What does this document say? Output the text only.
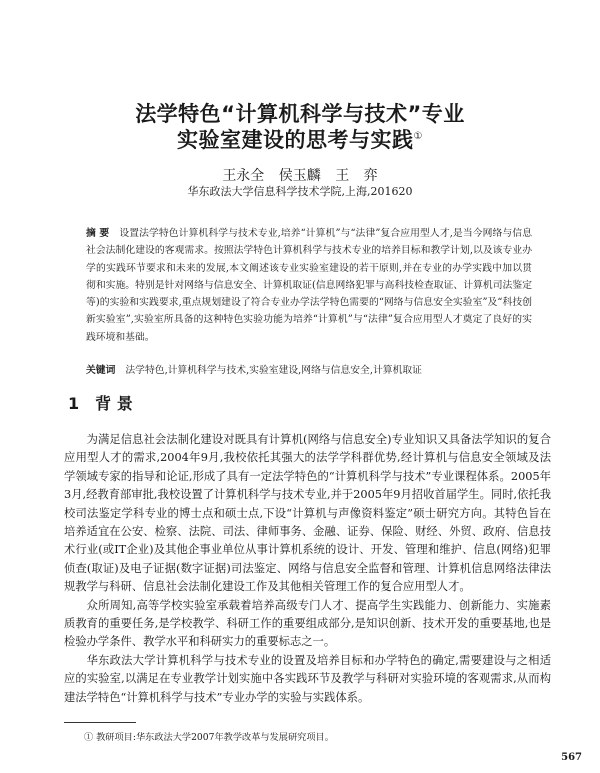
法学特色“计算机科学与技术”专业
实验室建设的思考与实践①
王永全 侯玉麟 王 弈
华东政法大学信息科学技术学院,上海,201620
摘 要 设置法学特色计算机科学与技术专业,培养“计算机”与“法律”复合应用型人才,是当今网络与信息社会法制化建设的客观需求。按照法学特色计算机科学与技术专业的培养目标和教学计划,以及该专业办学的实践环节要求和未来的发展,本文阐述该专业实验室建设的若干原则,并在专业的办学实践中加以贯彻和实施。特别是针对网络与信息安全、计算机取证(信息网络犯罪与高科技检查取证、计算机司法鉴定等)的实验和实践要求,重点规划建设了符合专业办学法学特色需要的“网络与信息安全实验室”及“科技创新实验室”,实验室所具备的这种特色实验功能为培养“计算机”与“法律”复合应用型人才奠定了良好的实践环境和基础。
关键词 法学特色,计算机科学与技术,实验室建设,网络与信息安全,计算机取证
1 背 景

为满足信息社会法制化建设对既具有计算机(网络与信息安全)专业知识又具备法学知识的复合应用型人才的需求,2004年9月,我校依托其强大的法学学科群优势,经计算机与信息安全领域及法学领域专家的指导和论证,形成了具有一定法学特色的“计算机科学与技术”专业课程体系。2005年3月,经教育部审批,我校设置了计算机科学与技术专业,并于2005年9月招收首届学生。同时,依托我校司法鉴定学科专业的博士点和硕士点,下设“计算机与声像资料鉴定”硕士研究方向。其特色旨在培养适宜在公安、检察、法院、司法、律师事务、金融、证券、保险、财经、外贸、政府、信息技术行业(或IT企业)及其他企事业单位从事计算机系统的设计、开发、管理和维护、信息(网络)犯罪侦查(取证)及电子证据(数字证据)司法鉴定、网络与信息安全监督和管理、计算机信息网络法律法规教学与科研、信息社会法制化建设工作及其他相关管理工作的复合应用型人才。

众所周知,高等学校实验室承载着培养高级专门人才、提高学生实践能力、创新能力、实施素质教育的重要任务,是学校教学、科研工作的重要组成部分,是知识创新、技术开发的重要基地,也是检验办学条件、教学水平和科研实力的重要标志之一。

华东政法大学计算机科学与技术专业的设置及培养目标和办学特色的确定,需要建设与之相适应的实验室,以满足在专业教学计划实施中各实践环节及教学与科研对实验环境的客观需求,从而构建法学特色“计算机科学与技术”专业办学的实验与实践体系。

① 教研项目:华东政法大学2007年教学改革与发展研究项目。
567
